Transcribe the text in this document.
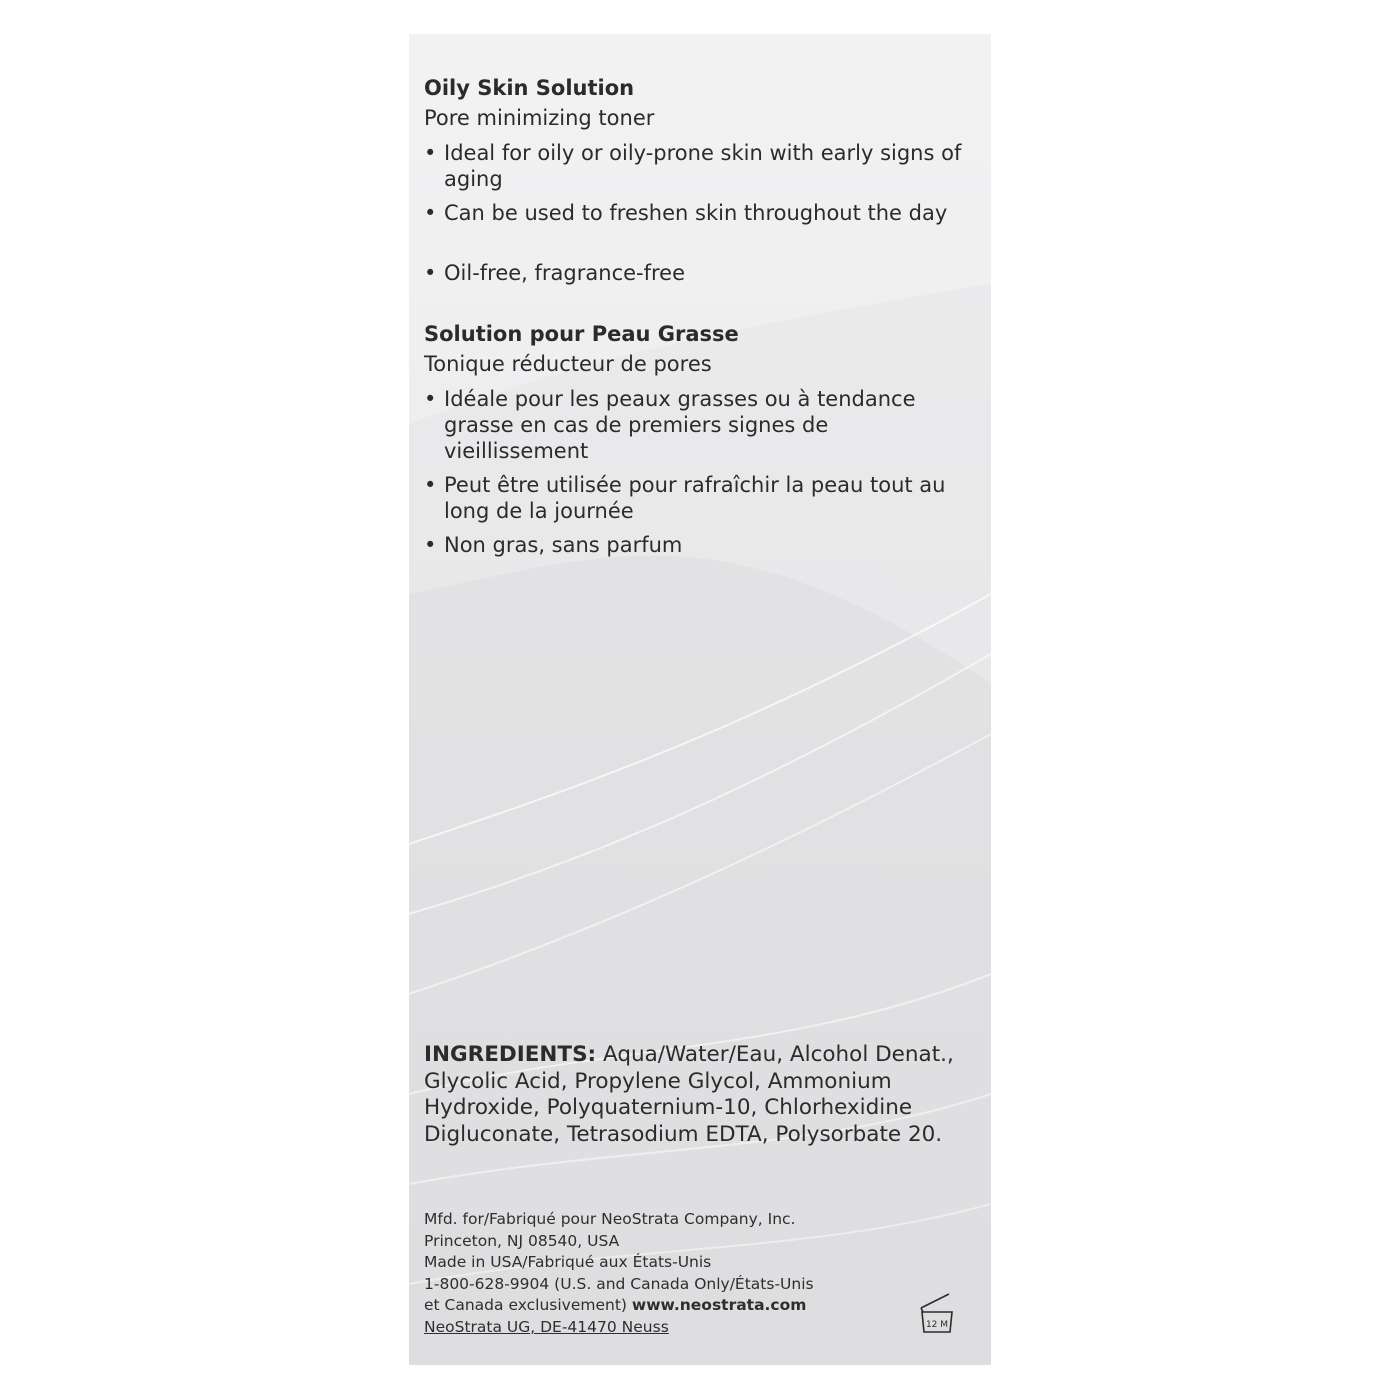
Oily Skin Solution
Pore minimizing toner
• Ideal for oily or oily-prone skin with early signs of aging
• Can be used to freshen skin throughout the day
• Oil-free, fragrance-free
Solution pour Peau Grasse
Tonique réducteur de pores
• Idéale pour les peaux grasses ou à tendance grasse en cas de premiers signes de vieillissement
• Peut être utilisée pour rafraîchir la peau tout au long de la journée
• Non gras, sans parfum
INGREDIENTS: Aqua/Water/Eau, Alcohol Denat., Glycolic Acid, Propylene Glycol, Ammonium Hydroxide, Polyquaternium-10, Chlorhexidine Digluconate, Tetrasodium EDTA, Polysorbate 20.
Mfd. for/Fabriqué pour NeoStrata Company, Inc.
Princeton, NJ 08540, USA
Made in USA/Fabriqué aux États-Unis
1-800-628-9904 (U.S. and Canada Only/États-Unis
et Canada exclusivement) www.neostrata.com
NeoStrata UG, DE-41470 Neuss	12 M
